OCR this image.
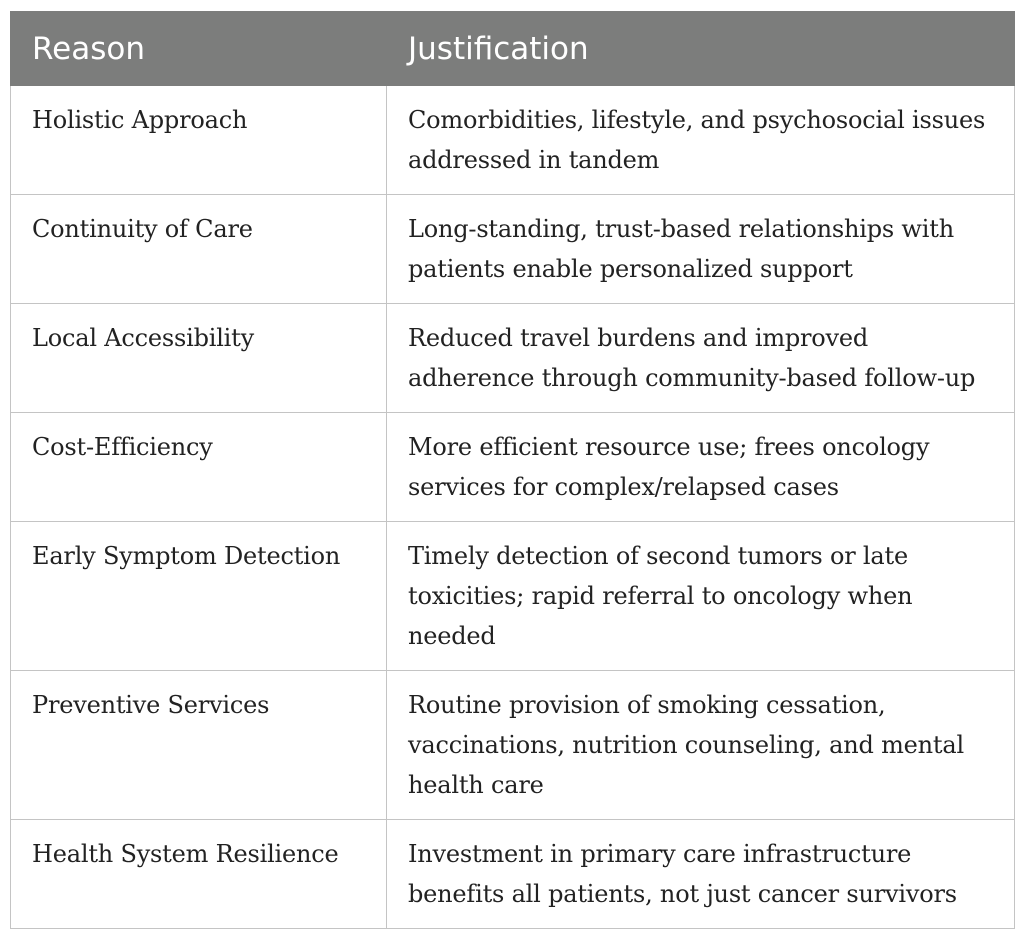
Reason	Justification
Holistic Approach	Comorbidities, lifestyle, and psychosocial issues addressed in tandem
Continuity of Care	Long-standing, trust-based relationships with patients enable personalized support
Local Accessibility	Reduced travel burdens and improved adherence through community-based follow-up
Cost-Efficiency	More efficient resource use; frees oncology services for complex/relapsed cases
Early Symptom Detection	Timely detection of second tumors or late toxicities; rapid referral to oncology when needed
Preventive Services	Routine provision of smoking cessation, vaccinations, nutrition counseling, and mental health care
Health System Resilience	Investment in primary care infrastructure benefits all patients, not just cancer survivors
